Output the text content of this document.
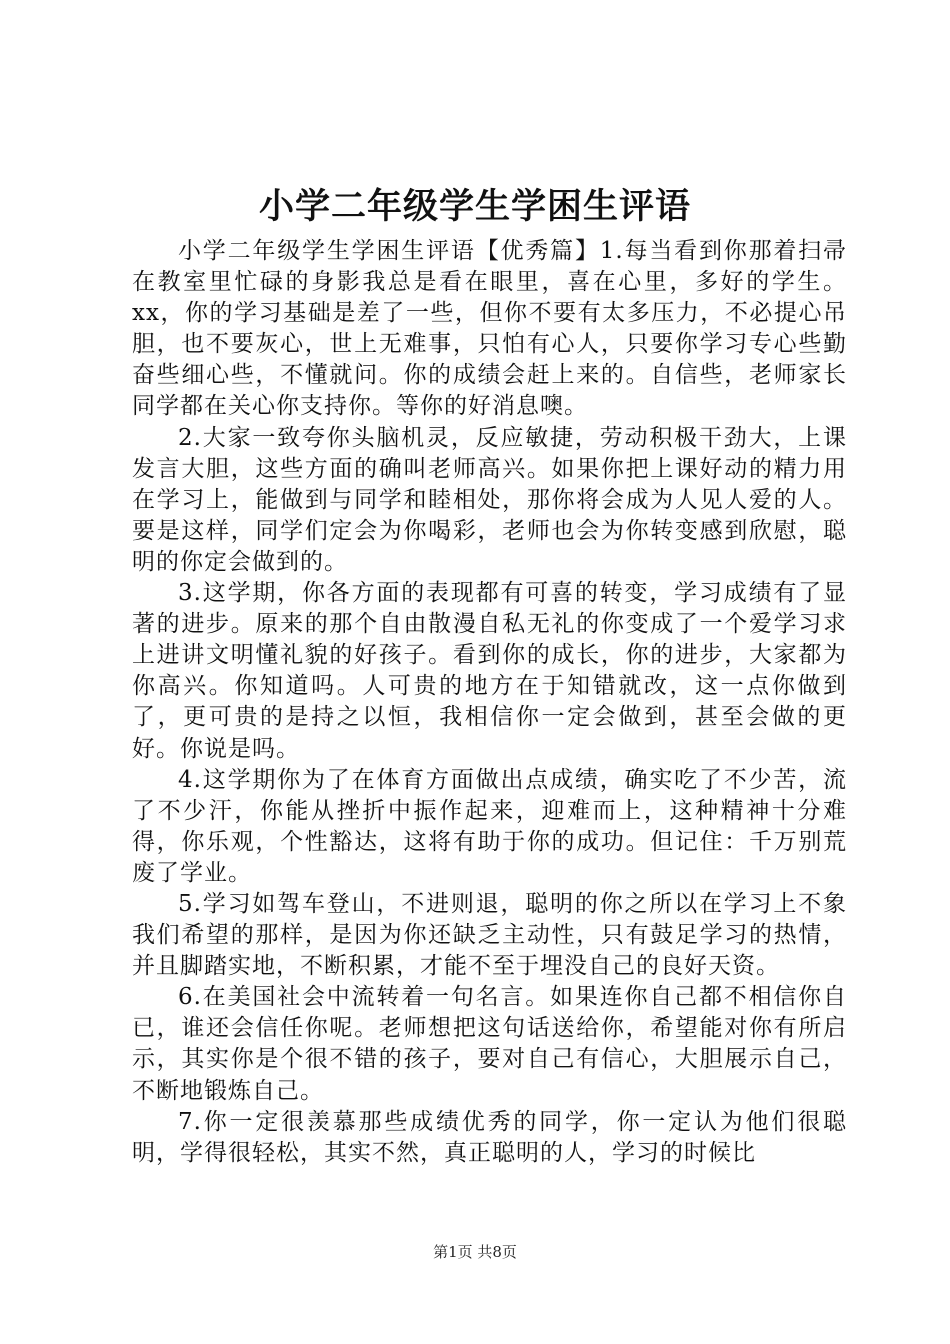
小学二年级学生学困生评语

小学二年级学生学困生评语【优秀篇】1.每当看到你那着扫帚在教室里忙碌的身影我总是看在眼里，喜在心里，多好的学生。xx，你的学习基础是差了一些，但你不要有太多压力，不必提心吊胆，也不要灰心，世上无难事，只怕有心人，只要你学习专心些勤奋些细心些，不懂就问。你的成绩会赶上来的。自信些，老师家长同学都在关心你支持你。等你的好消息噢。

2.大家一致夸你头脑机灵，反应敏捷，劳动积极干劲大，上课发言大胆，这些方面的确叫老师高兴。如果你把上课好动的精力用在学习上，能做到与同学和睦相处，那你将会成为人见人爱的人。要是这样，同学们定会为你喝彩，老师也会为你转变感到欣慰，聪明的你定会做到的。

3.这学期，你各方面的表现都有可喜的转变，学习成绩有了显著的进步。原来的那个自由散漫自私无礼的你变成了一个爱学习求上进讲文明懂礼貌的好孩子。看到你的成长，你的进步，大家都为你高兴。你知道吗。人可贵的地方在于知错就改，这一点你做到了，更可贵的是持之以恒，我相信你一定会做到，甚至会做的更好。你说是吗。

4.这学期你为了在体育方面做出点成绩，确实吃了不少苦，流了不少汗，你能从挫折中振作起来，迎难而上，这种精神十分难得，你乐观，个性豁达，这将有助于你的成功。但记住：千万别荒废了学业。

5.学习如驾车登山，不进则退，聪明的你之所以在学习上不象我们希望的那样，是因为你还缺乏主动性，只有鼓足学习的热情，并且脚踏实地，不断积累，才能不至于埋没自己的良好天资。

6.在美国社会中流转着一句名言。如果连你自己都不相信你自已，谁还会信任你呢。老师想把这句话送给你，希望能对你有所启示，其实你是个很不错的孩子，要对自己有信心，大胆展示自己，不断地锻炼自己。

7.你一定很羡慕那些成绩优秀的同学，你一定认为他们很聪明，学得很轻松，其实不然，真正聪明的人，学习的时候比

第1页 共8页
